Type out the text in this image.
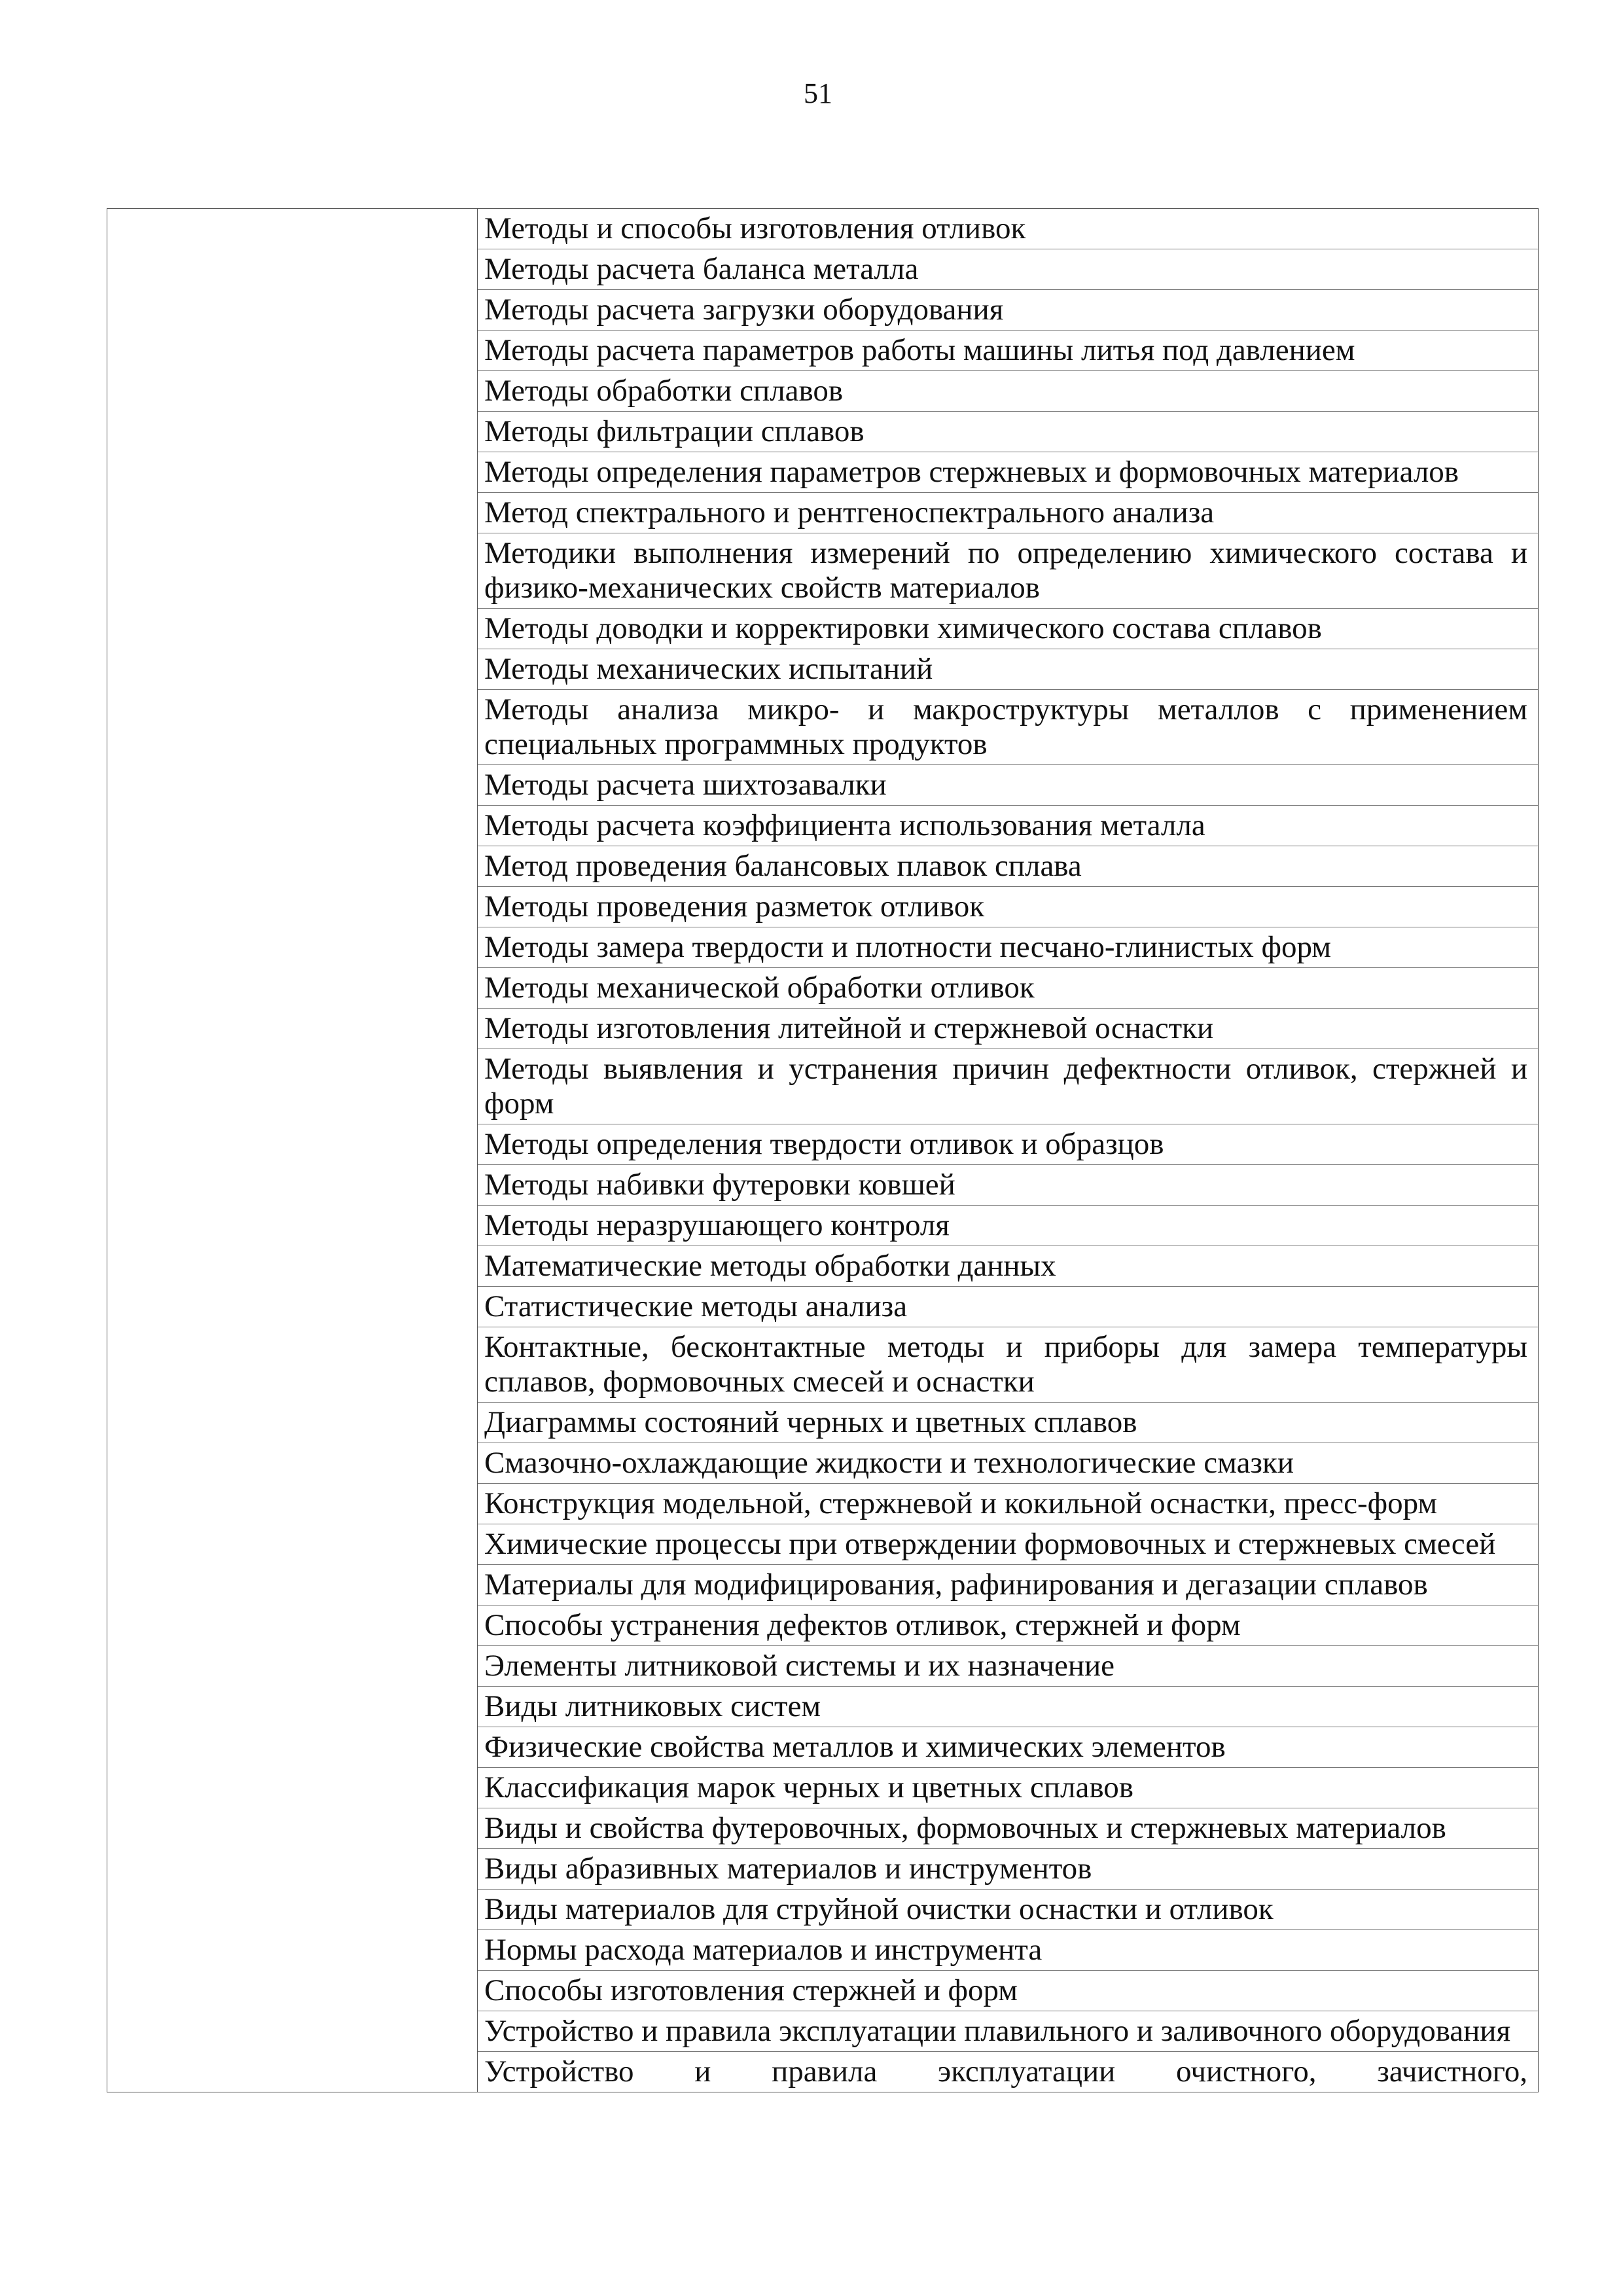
51

Методы и способы изготовления отливок
Методы расчета баланса металла
Методы расчета загрузки оборудования
Методы расчета параметров работы машины литья под давлением
Методы обработки сплавов
Методы фильтрации сплавов
Методы определения параметров стержневых и формовочных материалов
Метод спектрального и рентгеноспектрального анализа
Методики выполнения измерений по определению химического состава и физико-механических свойств материалов
Методы доводки и корректировки химического состава сплавов
Методы механических испытаний
Методы анализа микро- и макроструктуры металлов с применением специальных программных продуктов
Методы расчета шихтозавалки
Методы расчета коэффициента использования металла
Метод проведения балансовых плавок сплава
Методы проведения разметок отливок
Методы замера твердости и плотности песчано-глинистых форм
Методы механической обработки отливок
Методы изготовления литейной и стержневой оснастки
Методы выявления и устранения причин дефектности отливок, стержней и форм
Методы определения твердости отливок и образцов
Методы набивки футеровки ковшей
Методы неразрушающего контроля
Математические методы обработки данных
Статистические методы анализа
Контактные, бесконтактные методы и приборы для замера температуры сплавов, формовочных смесей и оснастки
Диаграммы состояний черных и цветных сплавов
Смазочно-охлаждающие жидкости и технологические смазки
Конструкция модельной, стержневой и кокильной оснастки, пресс-форм
Химические процессы при отверждении формовочных и стержневых смесей
Материалы для модифицирования, рафинирования и дегазации сплавов
Способы устранения дефектов отливок, стержней и форм
Элементы литниковой системы и их назначение
Виды литниковых систем
Физические свойства металлов и химических элементов
Классификация марок черных и цветных сплавов
Виды и свойства футеровочных, формовочных и стержневых материалов
Виды абразивных материалов и инструментов
Виды материалов для струйной очистки оснастки и отливок
Нормы расхода материалов и инструмента
Способы изготовления стержней и форм
Устройство и правила эксплуатации плавильного и заливочного оборудования
Устройство и правила эксплуатации очистного, зачистного,
